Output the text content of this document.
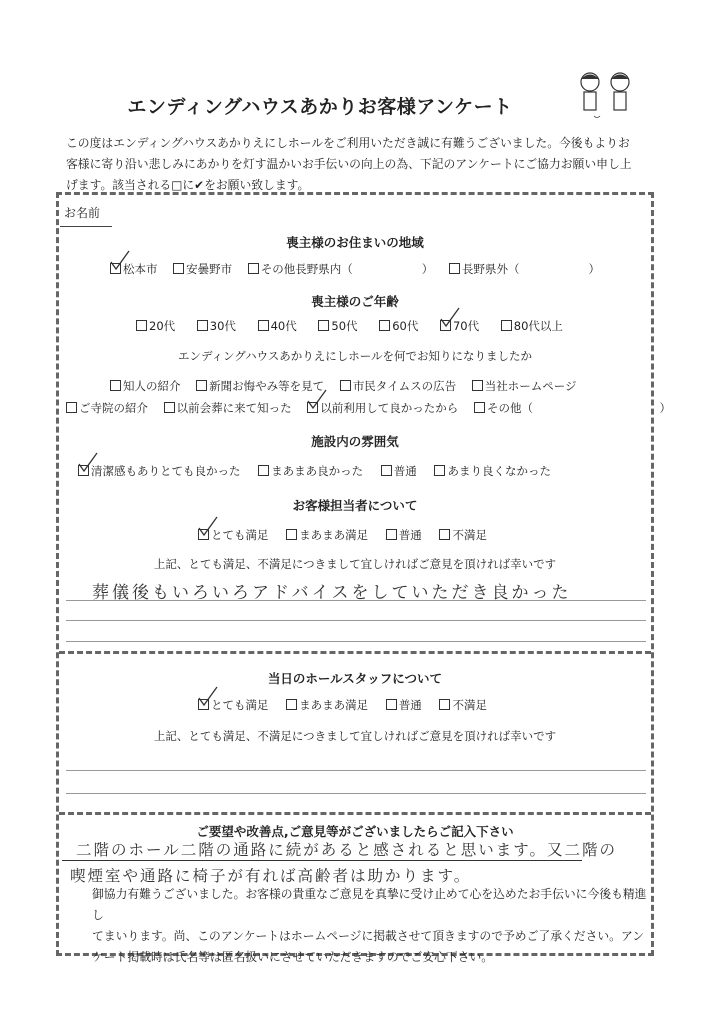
エンディングハウスあかりお客様アンケート
この度はエンディングハウスあかりえにしホールをご利用いただき誠に有難うございました。今後もよりお
客様に寄り沿い悲しみにあかりを灯す温かいお手伝いの向上の為、下記のアンケートにご協力お願い申し上
げます。該当される□に✔をお願い致します。
お名前
喪主様のお住まいの地域
松本市 安曇野市 その他長野県内（　　　　　　） 長野県外（　　　　　　）
喪主様のご年齢
20代	30代	40代	50代	60代	70代	80代以上
エンディングハウスあかりえにしホールを何でお知りになりましたか
知人の紹介 新聞お悔やみ等を見て 市民タイムスの広告 当社ホームページ
ご寺院の紹介 以前会葬に来て知った 以前利用して良かったから その他（　　　　　　　　　　　）
施設内の雰囲気
清潔感もありとても良かった	まあまあ良かった	普通	あまり良くなかった
お客様担当者について
とても満足	まあまあ満足	普通	不満足
上記、とても満足、不満足につきまして宜しければご意見を頂ければ幸いです
葬儀後もいろいろアドバイスをしていただき良かった
当日のホールスタッフについて
とても満足	まあまあ満足	普通	不満足
上記、とても満足、不満足につきまして宜しければご意見を頂ければ幸いです
ご要望や改善点,ご意見等がございましたらご記入下さい
二階のホール二階の通路に続があると感されると思います。又二階の
喫煙室や通路に椅子が有れば高齢者は助かります。
御協力有難うございました。お客様の貴重なご意見を真摯に受け止めて心を込めたお手伝いに今後も精進し
てまいります。尚、このアンケートはホームページに掲載させて頂きますので予めご了承ください。アン
ケート掲載時は氏名等は匿名扱いにさせていただきますのでご安心下さい。
